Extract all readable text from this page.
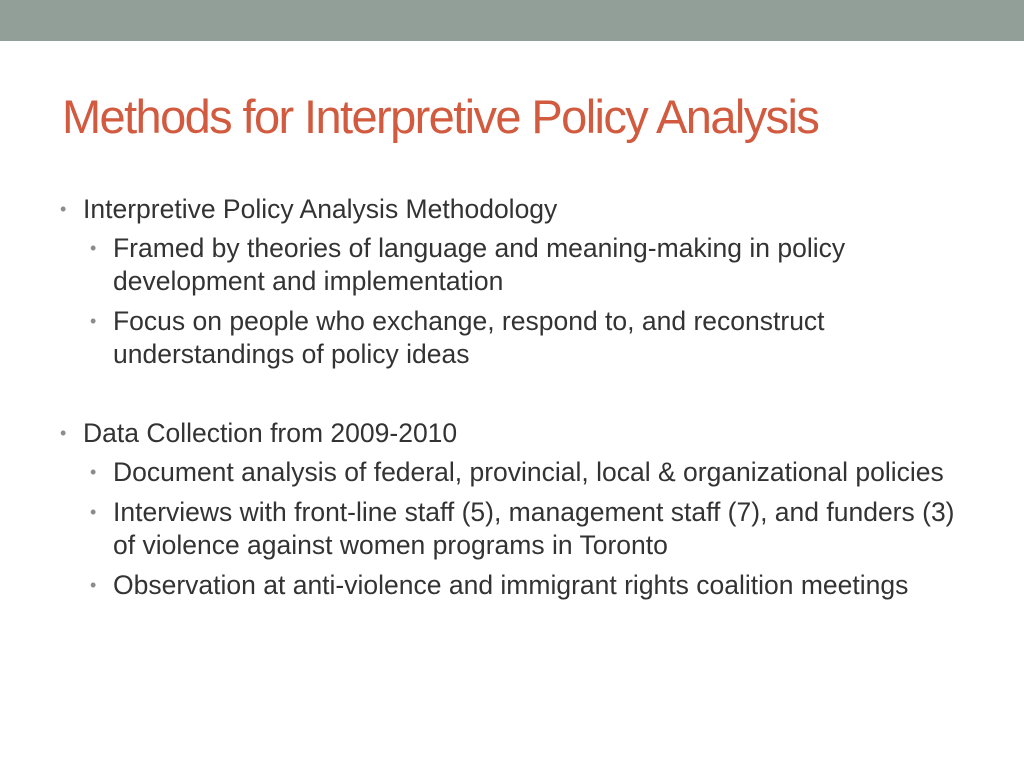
Methods for Interpretive Policy Analysis
• Interpretive Policy Analysis Methodology
• Framed by theories of language and meaning-making in policy development and implementation
• Focus on people who exchange, respond to, and reconstruct understandings of policy ideas
• Data Collection from 2009-2010
• Document analysis of federal, provincial, local & organizational policies
• Interviews with front-line staff (5), management staff (7), and funders (3) of violence against women programs in Toronto
• Observation at anti-violence and immigrant rights coalition meetings
